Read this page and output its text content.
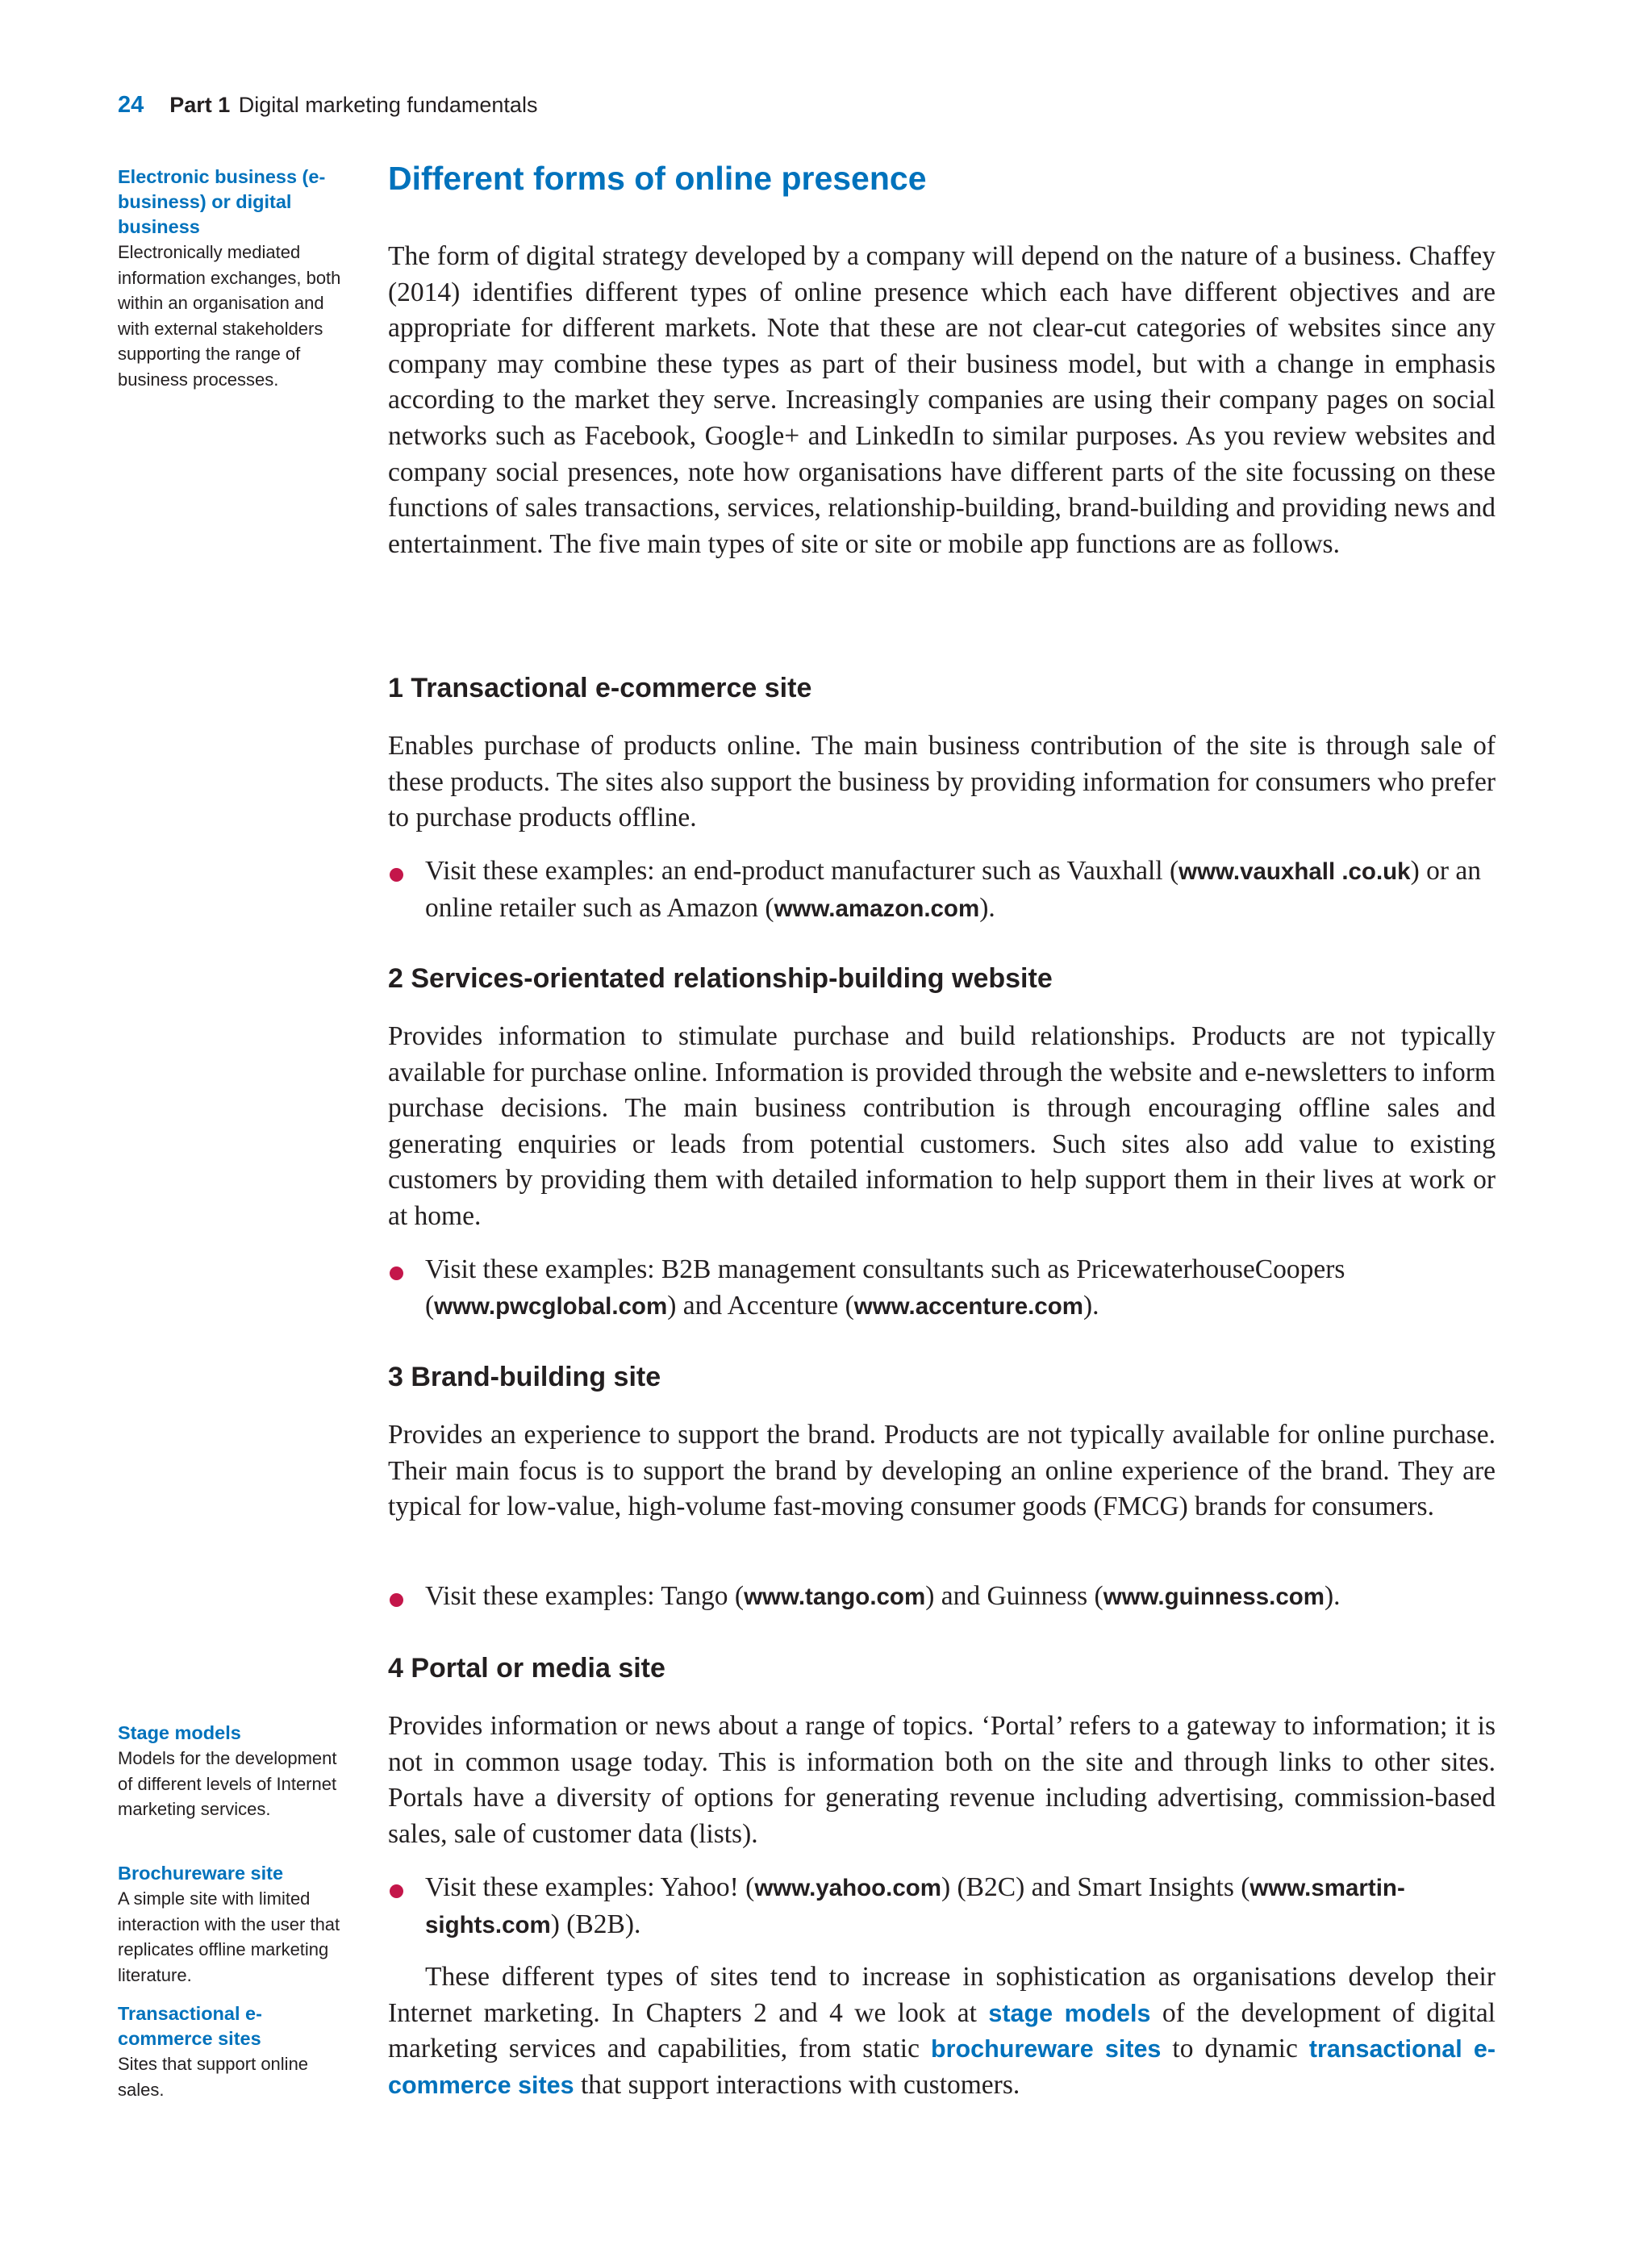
24 Part 1 Digital marketing fundamentals
Electronic business (e-business) or digital business
Electronically mediated information exchanges, both within an organisation and with external stakeholders supporting the range of business processes.
Stage models
Models for the development of different levels of Internet marketing services.
Brochureware site
A simple site with limited interaction with the user that replicates offline marketing literature.
Transactional e-commerce sites
Sites that support online sales.
Different forms of online presence

The form of digital strategy developed by a company will depend on the nature of a business. Chaffey (2014) identifies different types of online presence which each have different objectives and are appropriate for different markets. Note that these are not clear-cut categories of websites since any company may combine these types as part of their business model, but with a change in emphasis according to the market they serve. Increasingly companies are using their company pages on social networks such as Facebook, Google+ and LinkedIn to similar purposes. As you review websites and company social presences, note how organisations have different parts of the site focussing on these functions of sales transactions, services, relationship-building, brand-building and providing news and entertainment. The five main types of site or site or mobile app functions are as follows.

1 Transactional e-commerce site

Enables purchase of products online. The main business contribution of the site is through sale of these products. The sites also support the business by providing information for consumers who prefer to purchase products offline.

Visit these examples: an end-product manufacturer such as Vauxhall (www.vauxhall .co.uk) or an online retailer such as Amazon (www.amazon.com).
2 Services-orientated relationship-building website

Provides information to stimulate purchase and build relationships. Products are not typically available for purchase online. Information is provided through the website and e-newsletters to inform purchase decisions. The main business contribution is through encouraging offline sales and generating enquiries or leads from potential customers. Such sites also add value to existing customers by providing them with detailed information to help support them in their lives at work or at home.

Visit these examples: B2B management consultants such as PricewaterhouseCoopers (www.pwcglobal.com) and Accenture (www.accenture.com).
3 Brand-building site

Provides an experience to support the brand. Products are not typically available for online purchase. Their main focus is to support the brand by developing an online experience of the brand. They are typical for low-value, high-volume fast-moving consumer goods (FMCG) brands for consumers.

Visit these examples: Tango (www.tango.com) and Guinness (www.guinness.com).
4 Portal or media site

Provides information or news about a range of topics. ‘Portal’ refers to a gateway to information; it is not in common usage today. This is information both on the site and through links to other sites. Portals have a diversity of options for generating revenue including advertising, commission-based sales, sale of customer data (lists).

Visit these examples: Yahoo! (www.yahoo.com) (B2C) and Smart Insights (www.smartinsights.com) (B2B).

These different types of sites tend to increase in sophistication as organisations develop their Internet marketing. In Chapters 2 and 4 we look at stage models of the development of digital marketing services and capabilities, from static brochureware sites to dynamic transactional e-commerce sites that support interactions with customers.
